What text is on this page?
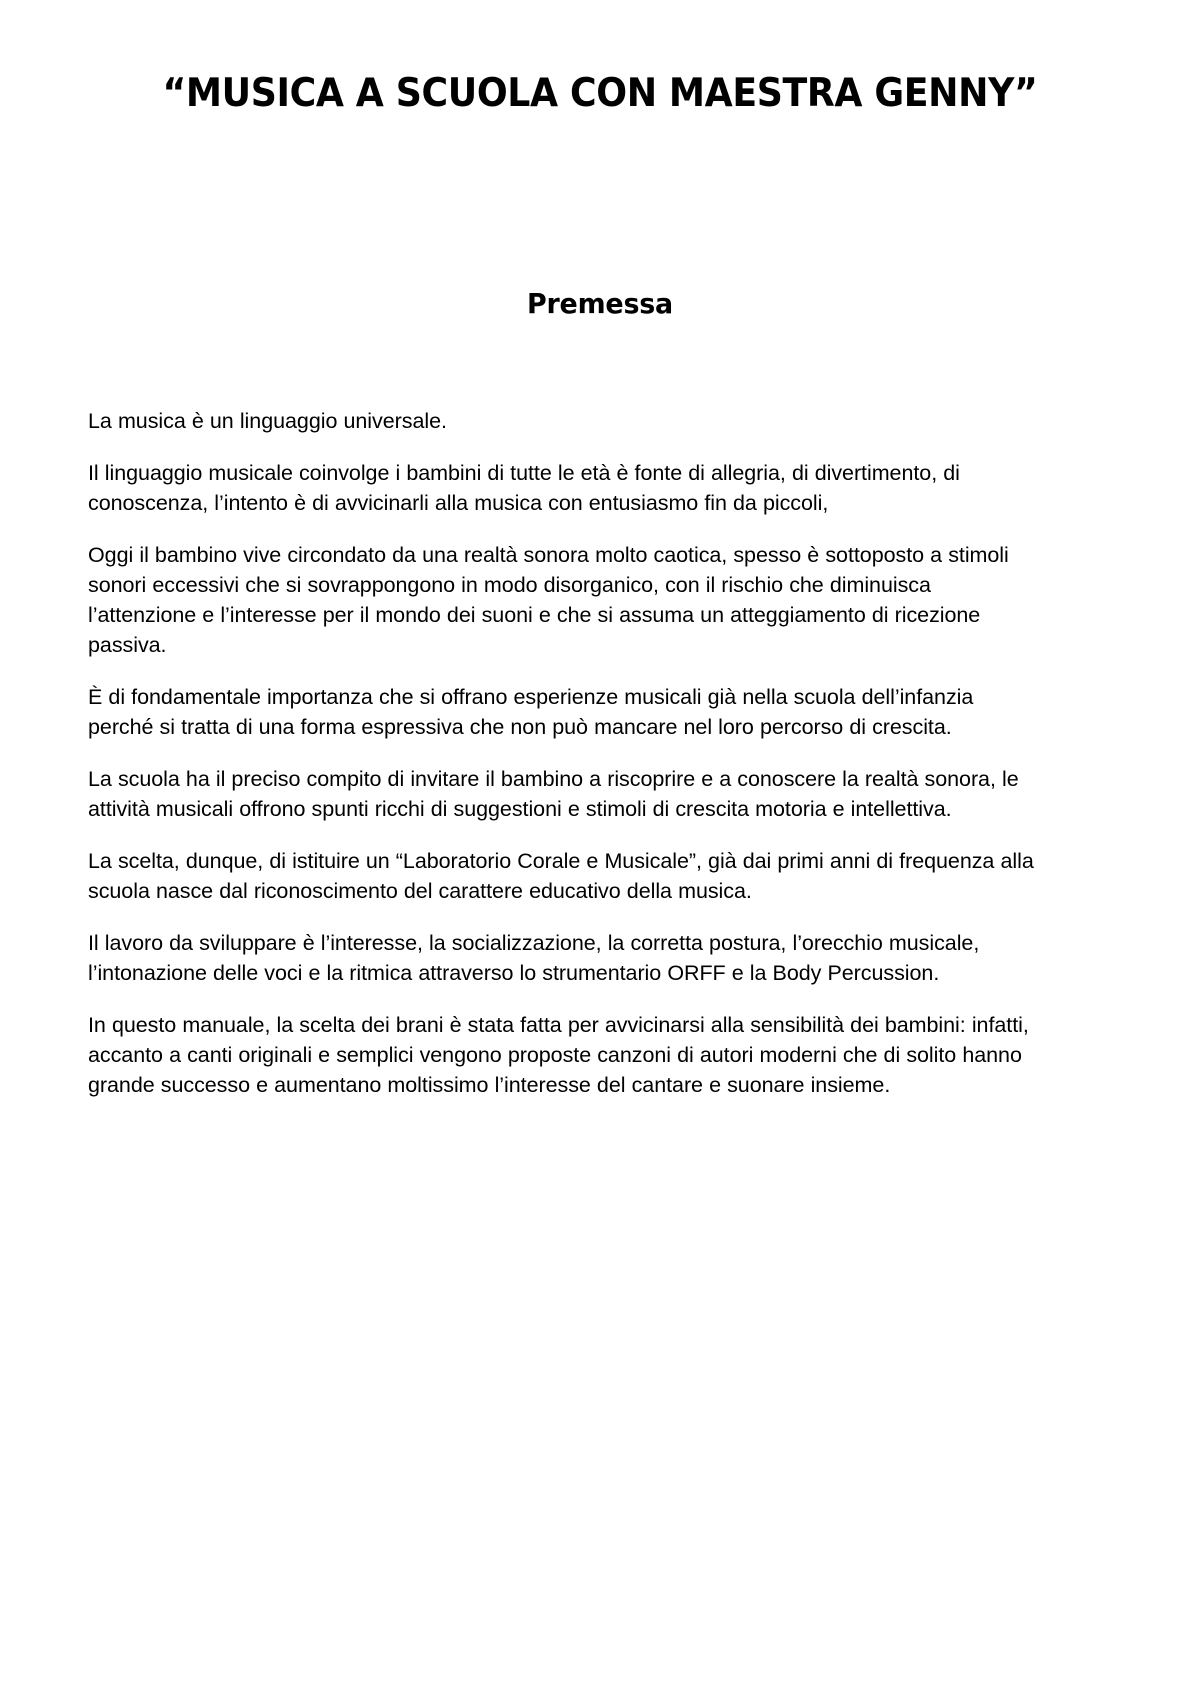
“MUSICA A SCUOLA CON MAESTRA GENNY”
Premessa

La musica è un linguaggio universale.

Il linguaggio musicale coinvolge i bambini di tutte le età è fonte di allegria, di divertimento, di conoscenza, l’intento è di avvicinarli alla musica con entusiasmo fin da piccoli,

Oggi il bambino vive circondato da una realtà sonora molto caotica, spesso è sottoposto a stimoli sonori eccessivi che si sovrappongono in modo disorganico, con il rischio che diminuisca l’attenzione e l’interesse per il mondo dei suoni e che si assuma un atteggiamento di ricezione passiva.

È di fondamentale importanza che si offrano esperienze musicali già nella scuola dell’infanzia perché si tratta di una forma espressiva che non può mancare nel loro percorso di crescita.

La scuola ha il preciso compito di invitare il bambino a riscoprire e a conoscere la realtà sonora, le attività musicali offrono spunti ricchi di suggestioni e stimoli di crescita motoria e intellettiva.

La scelta, dunque, di istituire un “Laboratorio Corale e Musicale”, già dai primi anni di frequenza alla scuola nasce dal riconoscimento del carattere educativo della musica.

Il lavoro da sviluppare è l’interesse, la socializzazione, la corretta postura, l’orecchio musicale, l’intonazione delle voci e la ritmica attraverso lo strumentario ORFF e la Body Percussion.

In questo manuale, la scelta dei brani è stata fatta per avvicinarsi alla sensibilità dei bambini: infatti, accanto a canti originali e semplici vengono proposte canzoni di autori moderni che di solito hanno grande successo e aumentano moltissimo l’interesse del cantare e suonare insieme.
